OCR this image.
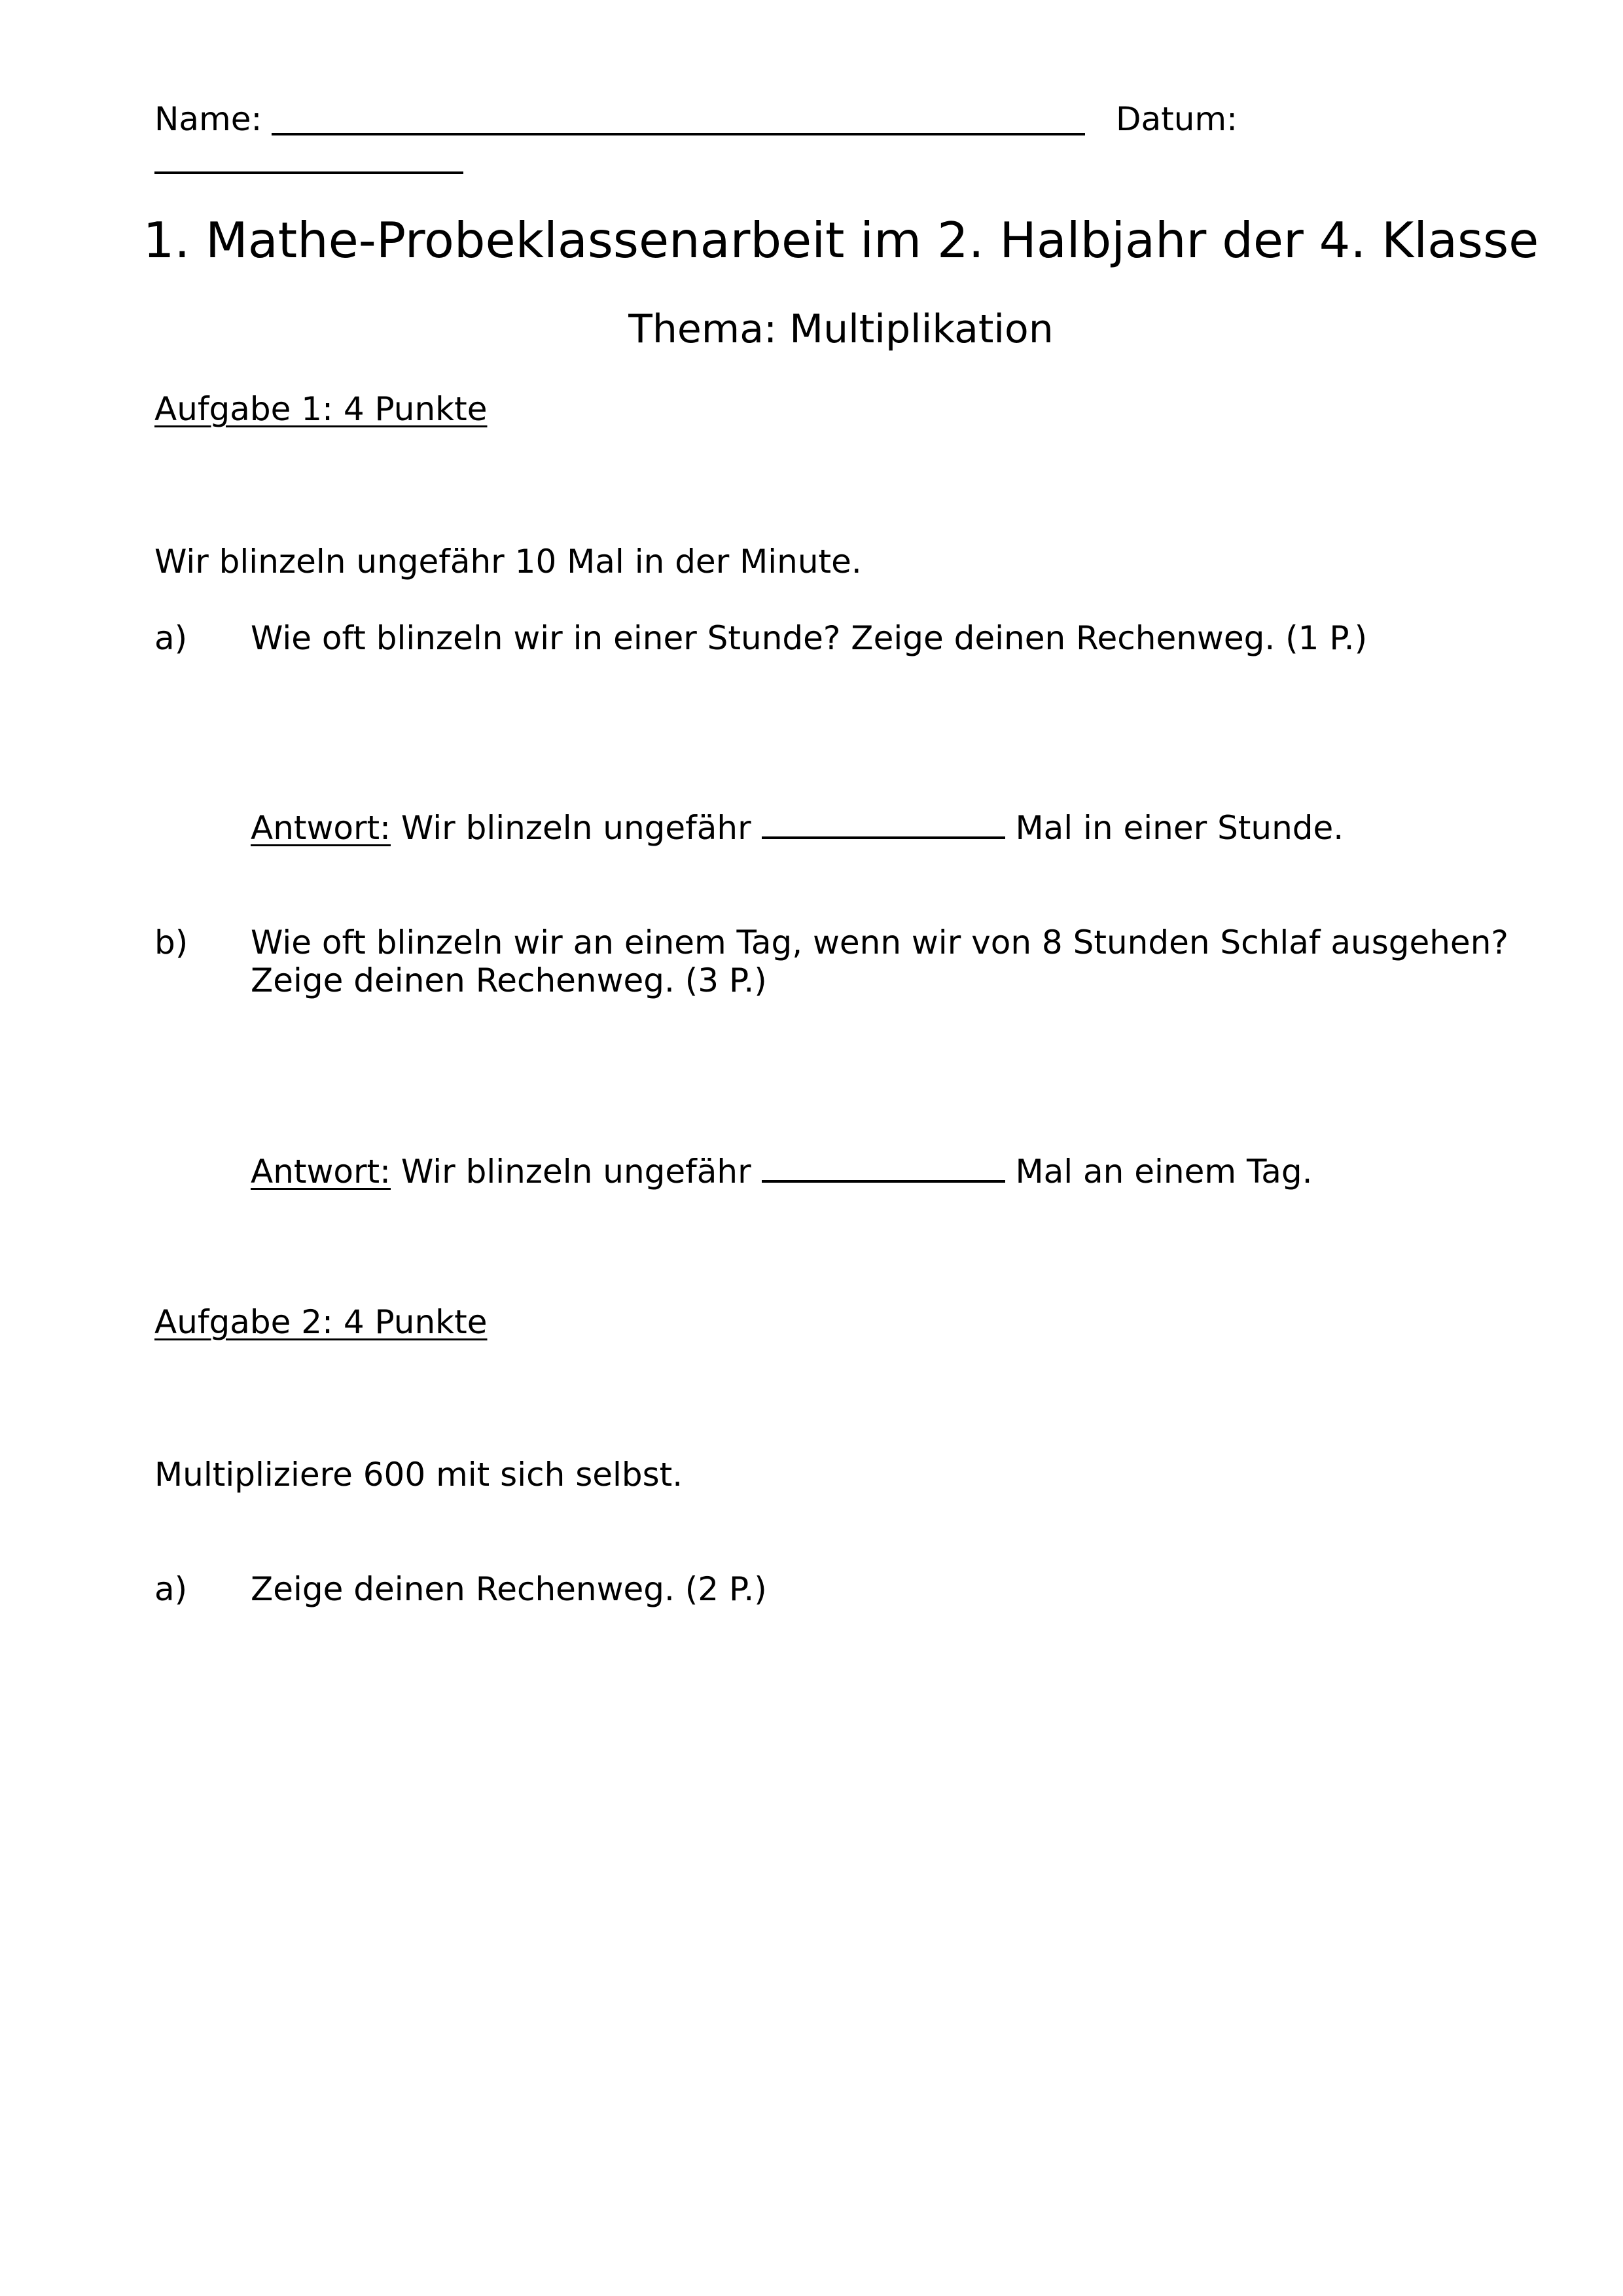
Name:	Datum:
1. Mathe-Probeklassenarbeit im 2. Halbjahr der 4. Klasse
Thema: Multiplikation
Aufgabe 1: 4 Punkte
Wir blinzeln ungefähr 10 Mal in der Minute.
a) Wie oft blinzeln wir in einer Stunde? Zeige deinen Rechenweg. (1 P.)
Antwort: Wir blinzeln ungefähr	Mal in einer Stunde.
b) Wie oft blinzeln wir an einem Tag, wenn wir von 8 Stunden Schlaf ausgehen?
Zeige deinen Rechenweg. (3 P.)
Antwort: Wir blinzeln ungefähr	Mal an einem Tag.
Aufgabe 2: 4 Punkte
Multipliziere 600 mit sich selbst.
a) Zeige deinen Rechenweg. (2 P.)
